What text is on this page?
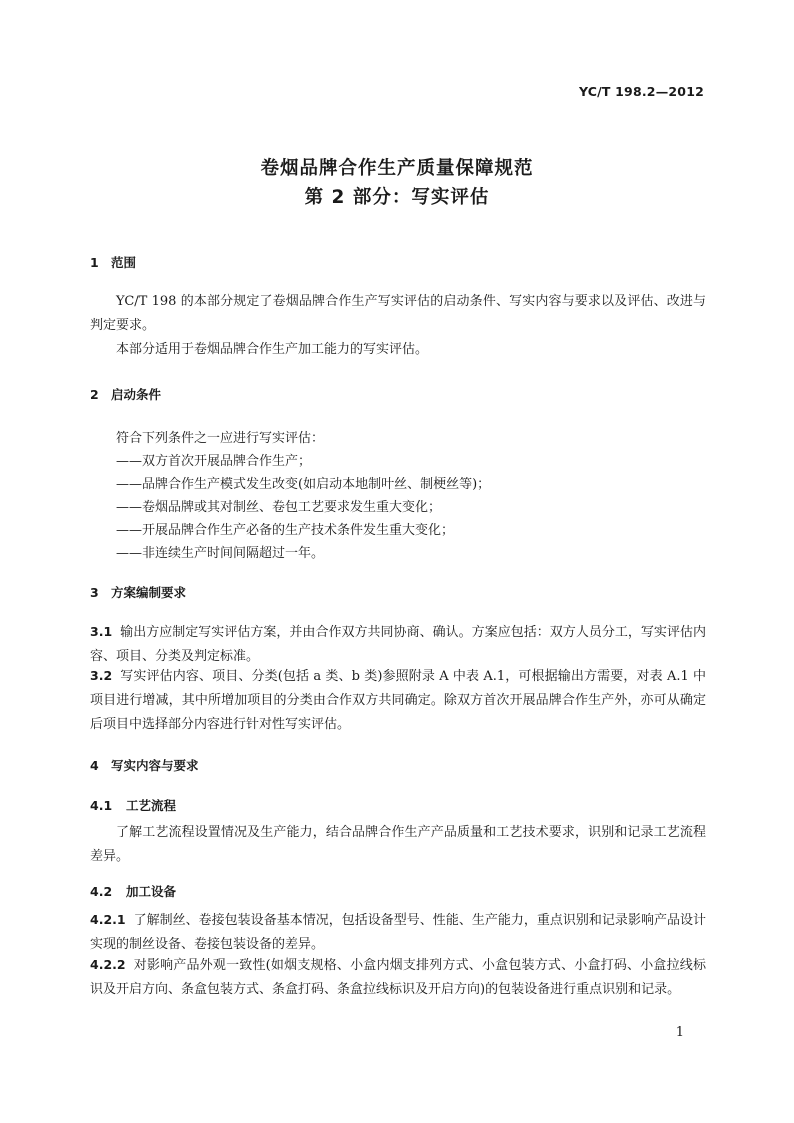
YC/T 198.2—2012
卷烟品牌合作生产质量保障规范
第 2 部分：写实评估
1 范围
YC/T 198 的本部分规定了卷烟品牌合作生产写实评估的启动条件、写实内容与要求以及评估、改进与判定要求。
本部分适用于卷烟品牌合作生产加工能力的写实评估。
2 启动条件
符合下列条件之一应进行写实评估：
——双方首次开展品牌合作生产；
——品牌合作生产模式发生改变(如启动本地制叶丝、制梗丝等)；
——卷烟品牌或其对制丝、卷包工艺要求发生重大变化；
——开展品牌合作生产必备的生产技术条件发生重大变化；
——非连续生产时间间隔超过一年。
3 方案编制要求
3.1 输出方应制定写实评估方案，并由合作双方共同协商、确认。方案应包括：双方人员分工，写实评估内容、项目、分类及判定标准。
3.2 写实评估内容、项目、分类(包括 a 类、b 类)参照附录 A 中表 A.1，可根据输出方需要，对表 A.1 中项目进行增减，其中所增加项目的分类由合作双方共同确定。除双方首次开展品牌合作生产外，亦可从确定后项目中选择部分内容进行针对性写实评估。
4 写实内容与要求
4.1 工艺流程
了解工艺流程设置情况及生产能力，结合品牌合作生产产品质量和工艺技术要求，识别和记录工艺流程差异。
4.2 加工设备
4.2.1 了解制丝、卷接包装设备基本情况，包括设备型号、性能、生产能力，重点识别和记录影响产品设计实现的制丝设备、卷接包装设备的差异。
4.2.2 对影响产品外观一致性(如烟支规格、小盒内烟支排列方式、小盒包装方式、小盒打码、小盒拉线标识及开启方向、条盒包装方式、条盒打码、条盒拉线标识及开启方向)的包装设备进行重点识别和记录。
1
